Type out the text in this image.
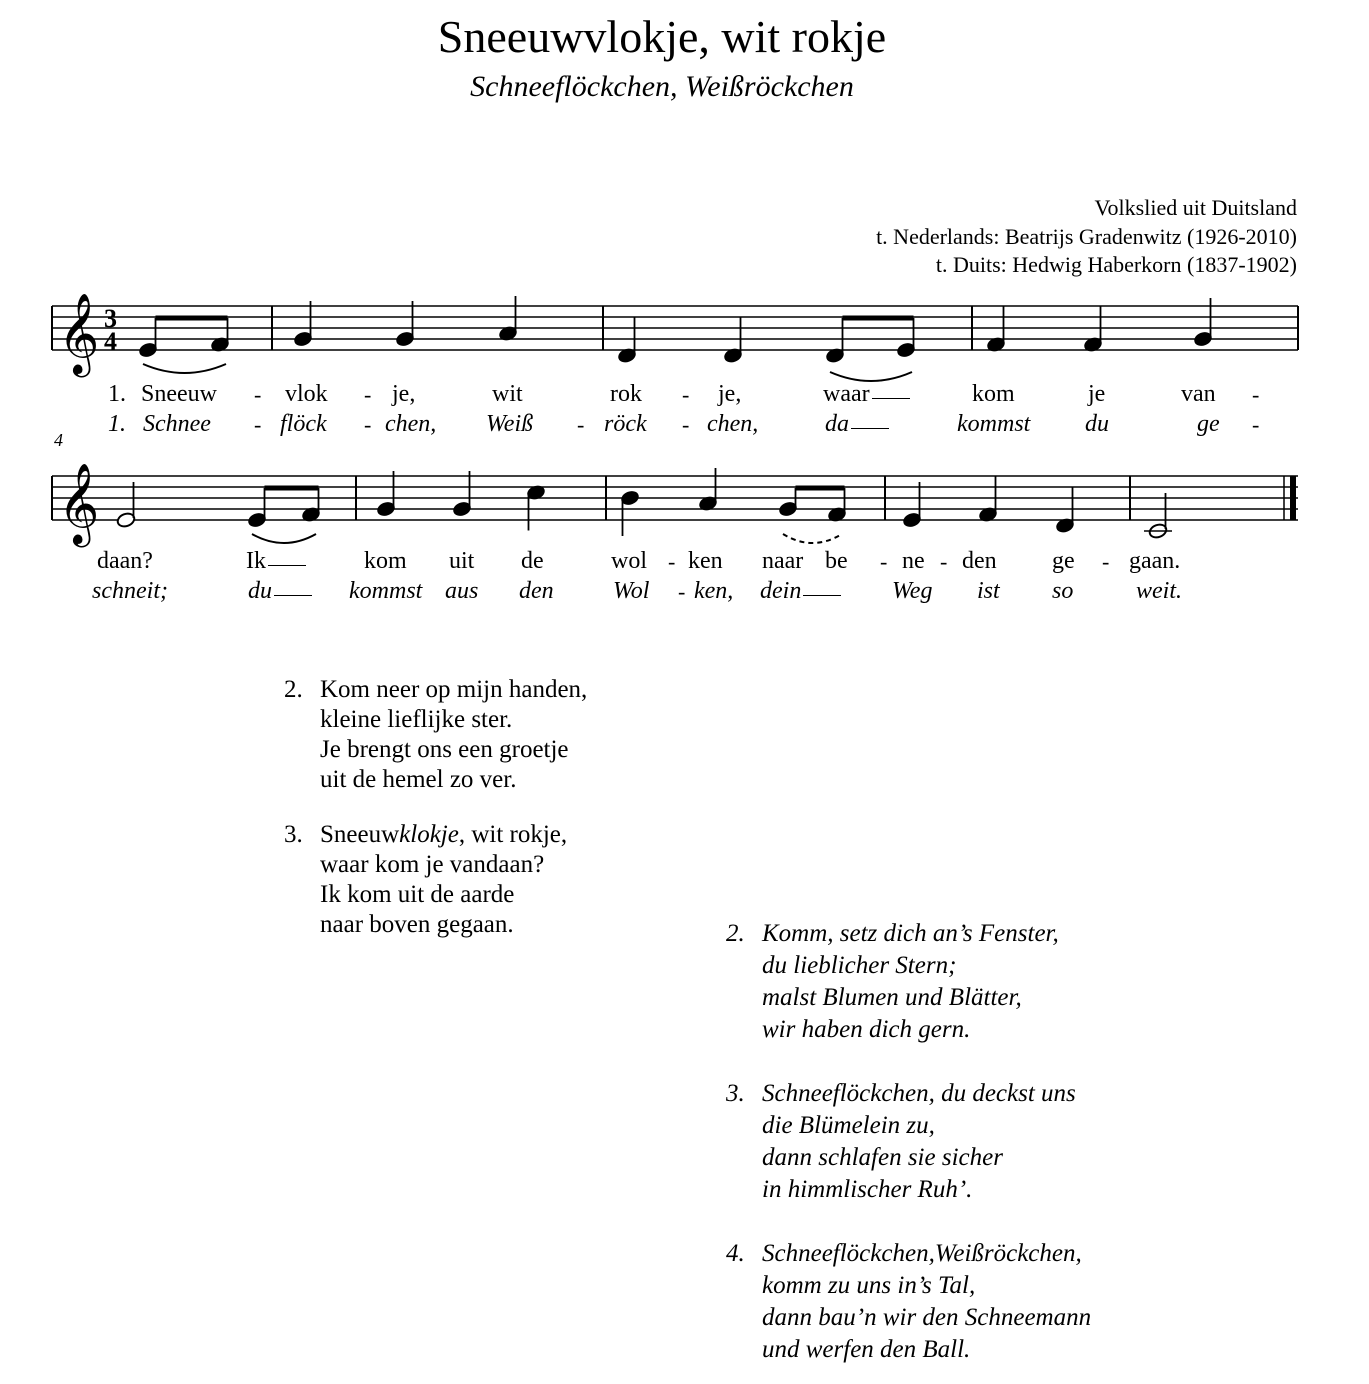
Sneeuwvlokje, wit rokje
Schneeflöckchen, Weißröckchen
Volkslied uit Duitsland
t. Nederlands: Beatrijs Gradenwitz (1926-2010)
t. Duits: Hedwig Haberkorn (1837-1902)
𝄞
𝄞
3
4
4
1. Sneeuw	vlok	je,	wit	rok	je,	waar	kom	je	van
-	-	-	-
1. Schnee	flöck chen, Weiß	röck	chen,	da	kommst du	ge
-	-	-	-	-
daan?	Ik	kom uit de	wol ken naar be ne den ge gaan.
-	- -	-
schneit;	du	kommst aus den Wol ken, dein	Weg ist so	weit.
-
2. Kom neer op mijn handen,
kleine lieflijke ster.
Je brengt ons een groetje
uit de hemel zo ver.
3. Sneeuwklokje, wit rokje,
waar kom je vandaan?
Ik kom uit de aarde
naar boven gegaan.	2. Komm, setz dich an’s Fenster,
du lieblicher Stern;
malst Blumen und Blätter,
wir haben dich gern.
3. Schneeflöckchen, du deckst uns
die Blümelein zu,
dann schlafen sie sicher
in himmlischer Ruh’.
4. Schneeflöckchen,Weißröckchen,
komm zu uns in’s Tal,
dann bau’n wir den Schneemann
und werfen den Ball.
